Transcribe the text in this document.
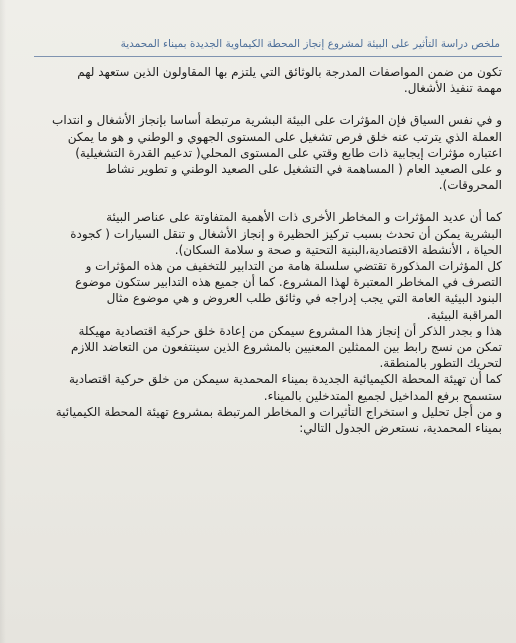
ملخص دراسة التأثير على البيئة لمشروع إنجاز المحطة الكيماوية الجديدة بميناء المحمدية
تكون من ضمن المواصفات المدرجة بالوثائق التي يلتزم بها المقاولون الذين ستعهد لهم
مهمة تنفيذ الأشغال.
و في نفس السياق فإن المؤثرات على البيئة البشرية مرتبطة أساسا بإنجاز الأشغال و انتداب
العملة الذي يترتب عنه خلق فرص تشغيل على المستوى الجهوي و الوطني و هو ما يمكن
اعتباره مؤثرات إيجابية ذات طابع وقتي على المستوى المحلي( تدعيم القدرة التشغيلية)
و على الصعيد العام ( المساهمة في التشغيل على الصعيد الوطني و تطوير نشاط
المحروقات).
كما أن عديد المؤثرات و المخاطر الأخرى ذات الأهمية المتفاوتة على عناصر البيئة
البشرية يمكن أن تحدث بسبب تركيز الحظيرة و إنجاز الأشغال و تنقل السيارات ( كجودة
الحياة ، الأنشطة الاقتصادية،البنية التحتية و صحة و سلامة السكان).
كل المؤثرات المذكورة تقتضي سلسلة هامة من التدابير للتخفيف من هذه المؤثرات و
التصرف في المخاطر المعتبرة لهذا المشروع. كما أن جميع هذه التدابير ستكون موضوع
البنود البيئية العامة التي يجب إدراجه في وثائق طلب العروض و هي موضوع مثال
المراقبة البيئية.
هذا و بجدر الذكر أن إنجاز هذا المشروع سيمكن من إعادة خلق حركية اقتصادية مهيكلة
تمكن من نسج رابط بين الممثلين المعنيين بالمشروع الذين سينتفعون من التعاضد اللازم
لتحريك التطور بالمنطقة.
كما أن تهيئة المحطة الكيميائية الجديدة بميناء المحمدية سيمكن من خلق حركية اقتصادية
ستسمح برفع المداخيل لجميع المتدخلين بالميناء.
و من أجل تحليل و استخراج التأثيرات و المخاطر المرتبطة بمشروع تهيئة المحطة الكيميائية
بميناء المحمدية، نستعرض الجدول التالي:
